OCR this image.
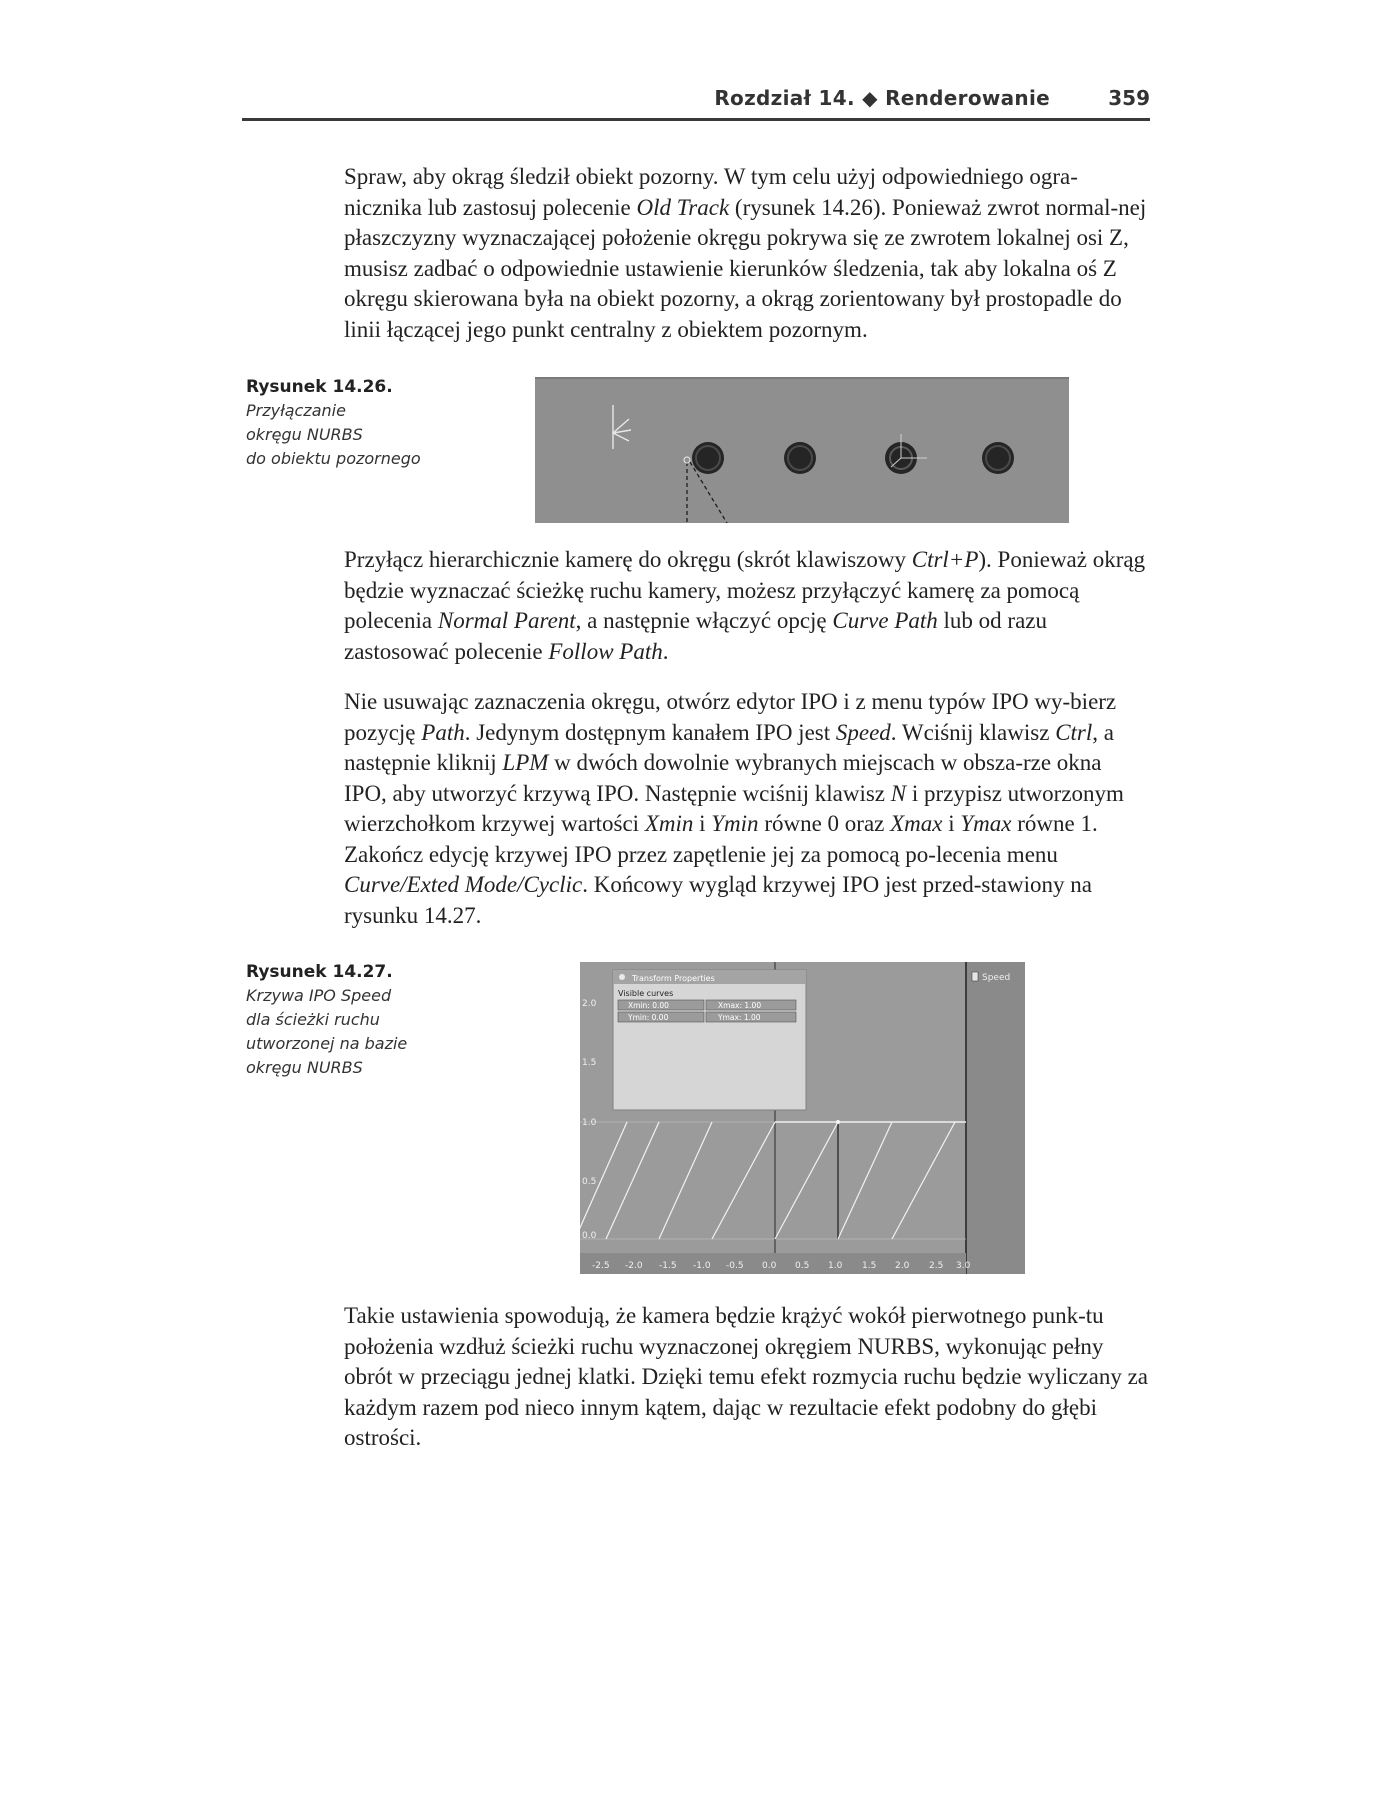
Rozdział 14. ◆ Renderowanie	359

Spraw, aby okrąg śledził obiekt pozorny. W tym celu użyj odpowiedniego ogra-nicznika lub zastosuj polecenie Old Track (rysunek 14.26). Ponieważ zwrot normal-nej płaszczyzny wyznaczającej położenie okręgu pokrywa się ze zwrotem lokalnej osi Z, musisz zadbać o odpowiednie ustawienie kierunków śledzenia, tak aby lokalna oś Z okręgu skierowana była na obiekt pozorny, a okrąg zorientowany był prostopadle do linii łączącej jego punkt centralny z obiektem pozornym.

Rysunek 14.26.

Przyłączanie

okręgu NURBS

do obiektu pozornego

Przyłącz hierarchicznie kamerę do okręgu (skrót klawiszowy Ctrl+P). Ponieważ okrąg będzie wyznaczać ścieżkę ruchu kamery, możesz przyłączyć kamerę za pomocą polecenia Normal Parent, a następnie włączyć opcję Curve Path lub od razu zastosować polecenie Follow Path.

Nie usuwając zaznaczenia okręgu, otwórz edytor IPO i z menu typów IPO wy-bierz pozycję Path. Jedynym dostępnym kanałem IPO jest Speed. Wciśnij klawisz Ctrl, a następnie kliknij LPM w dwóch dowolnie wybranych miejscach w obsza-rze okna IPO, aby utworzyć krzywą IPO. Następnie wciśnij klawisz N i przypisz utworzonym wierzchołkom krzywej wartości Xmin i Ymin równe 0 oraz Xmax i Ymax równe 1. Zakończ edycję krzywej IPO przez zapętlenie jej za pomocą po-lecenia menu Curve/Exted Mode/Cyclic. Końcowy wygląd krzywej IPO jest przed-stawiony na rysunku 14.27.

Rysunek 14.27.

Krzywa IPO Speed

dla ścieżki ruchu

utworzonej na bazie

okręgu NURBS

Speed
2.0
1.5
1.0
0.5
0.0
-2.5 -2.0 -1.5 -1.0 -0.5 0.0 0.5 1.0 1.5 2.0 2.5 3.0
Transform Properties
Visible curves
Xmin: 0.00	Xmax: 1.00
Ymin: 0.00	Ymax: 1.00

Takie ustawienia spowodują, że kamera będzie krążyć wokół pierwotnego punk-tu położenia wzdłuż ścieżki ruchu wyznaczonej okręgiem NURBS, wykonując pełny obrót w przeciągu jednej klatki. Dzięki temu efekt rozmycia ruchu będzie wyliczany za każdym razem pod nieco innym kątem, dając w rezultacie efekt podobny do głębi ostrości.
